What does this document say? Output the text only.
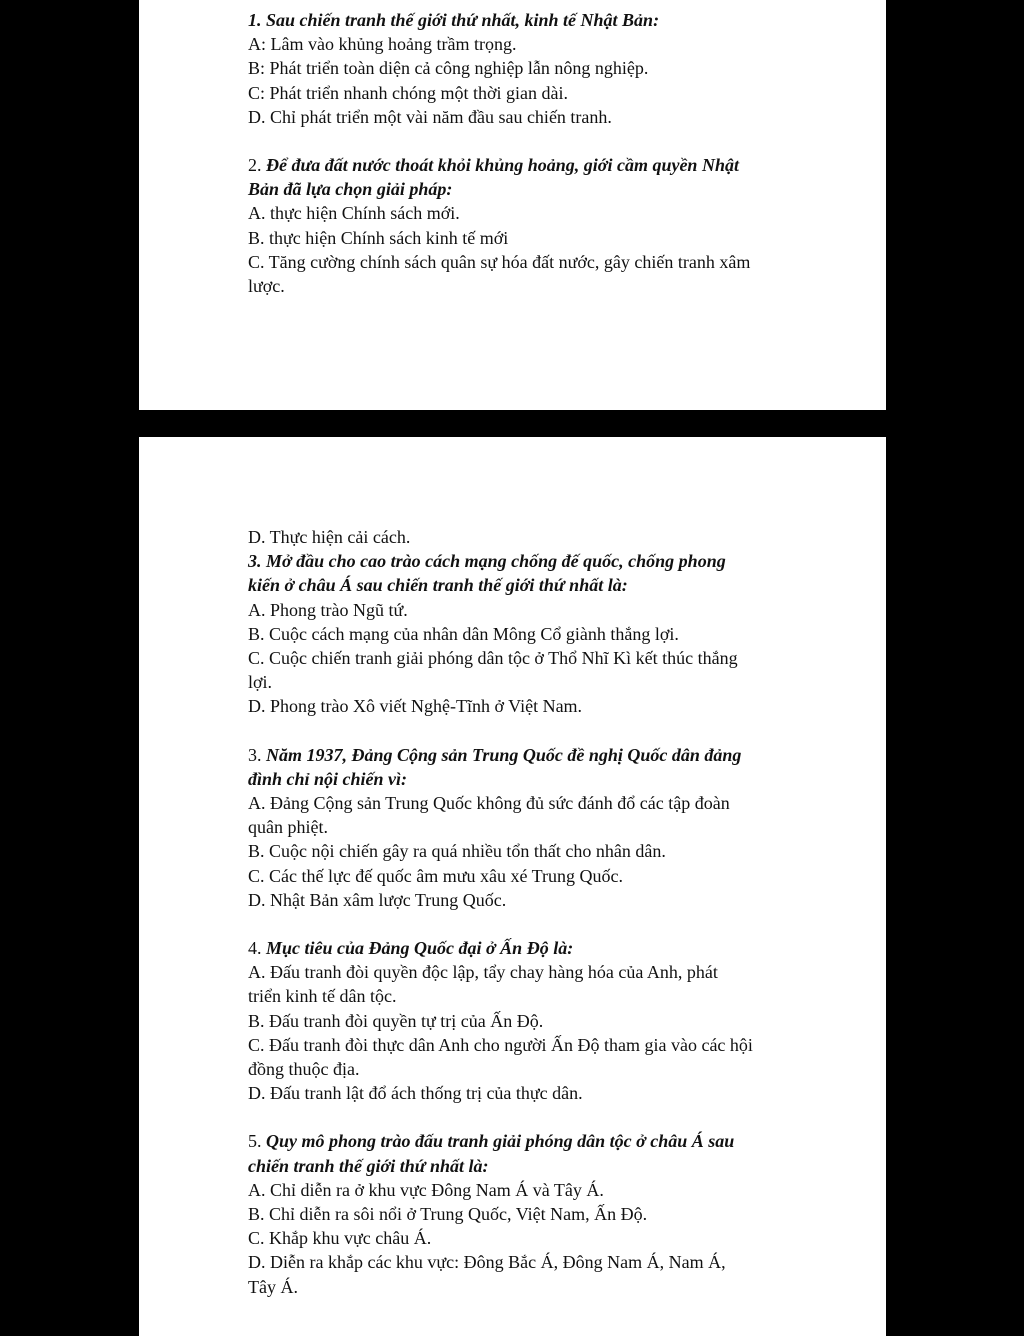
1. Sau chiến tranh thế giới thứ nhất, kinh tế Nhật Bản:
A: Lâm vào khủng hoảng trầm trọng.
B: Phát triển toàn diện cả công nghiệp lẫn nông nghiệp.
C: Phát triển nhanh chóng một thời gian dài.
D. Chỉ phát triển một vài năm đầu sau chiến tranh.
2. Để đưa đất nước thoát khỏi khủng hoảng, giới cầm quyền Nhật
Bản đã lựa chọn giải pháp:
A. thực hiện Chính sách mới.
B. thực hiện Chính sách kinh tế mới
C. Tăng cường chính sách quân sự hóa đất nước, gây chiến tranh xâm
lược.
D. Thực hiện cải cách.
3. Mở đầu cho cao trào cách mạng chống đế quốc, chống phong
kiến ở châu Á sau chiến tranh thế giới thứ nhất là:
A. Phong trào Ngũ tứ.
B. Cuộc cách mạng của nhân dân Mông Cổ giành thắng lợi.
C. Cuộc chiến tranh giải phóng dân tộc ở Thổ Nhĩ Kì kết thúc thắng
lợi.
D. Phong trào Xô viết Nghệ-Tĩnh ở Việt Nam.
3. Năm 1937, Đảng Cộng sản Trung Quốc đề nghị Quốc dân đảng
đình chỉ nội chiến vì:
A. Đảng Cộng sản Trung Quốc không đủ sức đánh đổ các tập đoàn
quân phiệt.
B. Cuộc nội chiến gây ra quá nhiều tổn thất cho nhân dân.
C. Các thế lực đế quốc âm mưu xâu xé Trung Quốc.
D. Nhật Bản xâm lược Trung Quốc.
4. Mục tiêu của Đảng Quốc đại ở Ấn Độ là:
A. Đấu tranh đòi quyền độc lập, tẩy chay hàng hóa của Anh, phát
triển kinh tế dân tộc.
B. Đấu tranh đòi quyền tự trị của Ấn Độ.
C. Đấu tranh đòi thực dân Anh cho người Ấn Độ tham gia vào các hội
đồng thuộc địa.
D. Đấu tranh lật đổ ách thống trị của thực dân.
5. Quy mô phong trào đấu tranh giải phóng dân tộc ở châu Á sau
chiến tranh thế giới thứ nhất là:
A. Chỉ diễn ra ở khu vực Đông Nam Á và Tây Á.
B. Chỉ diễn ra sôi nổi ở Trung Quốc, Việt Nam, Ấn Độ.
C. Khắp khu vực châu Á.
D. Diễn ra khắp các khu vực: Đông Bắc Á, Đông Nam Á, Nam Á,
Tây Á.
